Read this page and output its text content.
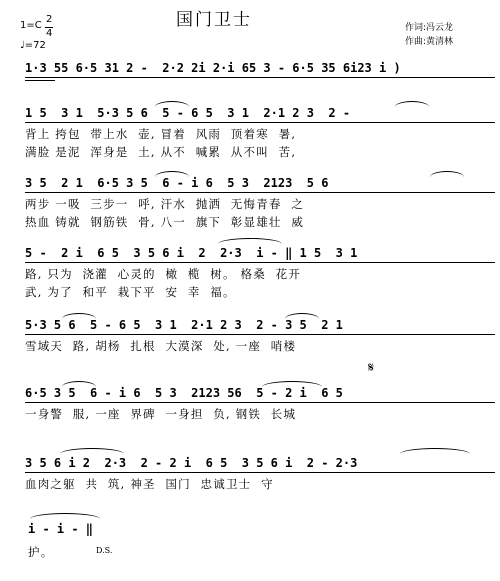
国门卫士
1=C
2
4
♩=72
作词:冯云龙
作曲:黄清林
1·3 55 6·5 31 2 -  2·2 2i 2·i 65 3 - 6·5 35 6i23 i )
1 5  3 1  5·3 5 6  5 - 6 5  3 1  2·1 2 3  2 -
背上 挎包  带上水  壶, 冒着  风雨  顶着寒  暑,
满脸 是泥  浑身是  土, 从不  喊累  从不叫  苦,
3 5  2 1  6·5 3 5  6 - i 6  5 3  2123  5 6
两步 一吸  三步一  呼, 汗水  抛洒  无悔青春  之
热血 铸就  钢筋铁  骨, 八一  旗下  彰显雄壮  威
5 -  2 i  6 5  3 5 6 i  2  2·3  i - ‖ 1 5  3 1
路, 只为  浇灌  心灵的  橄  榄  树。 格桑  花开
武, 为了  和平  栽下平  安  幸  福。
5·3 5 6  5 - 6 5  3 1  2·1 2 3  2 - 3 5  2 1
雪域天  路, 胡杨  扎根  大漠深  处, 一座  哨楼
𝄋
6·5 3 5  6 - i 6  5 3  2123 56  5 - 2 i  6 5
一身警  服, 一座  界碑  一身担  负, 钢铁  长城
3 5 6 i 2  2·3  2 - 2 i  6 5  3 5 6 i  2 - 2·3
血肉之躯  共  筑, 神圣  国门  忠诚卫士  守
i - i - ‖
护。	D.S.
